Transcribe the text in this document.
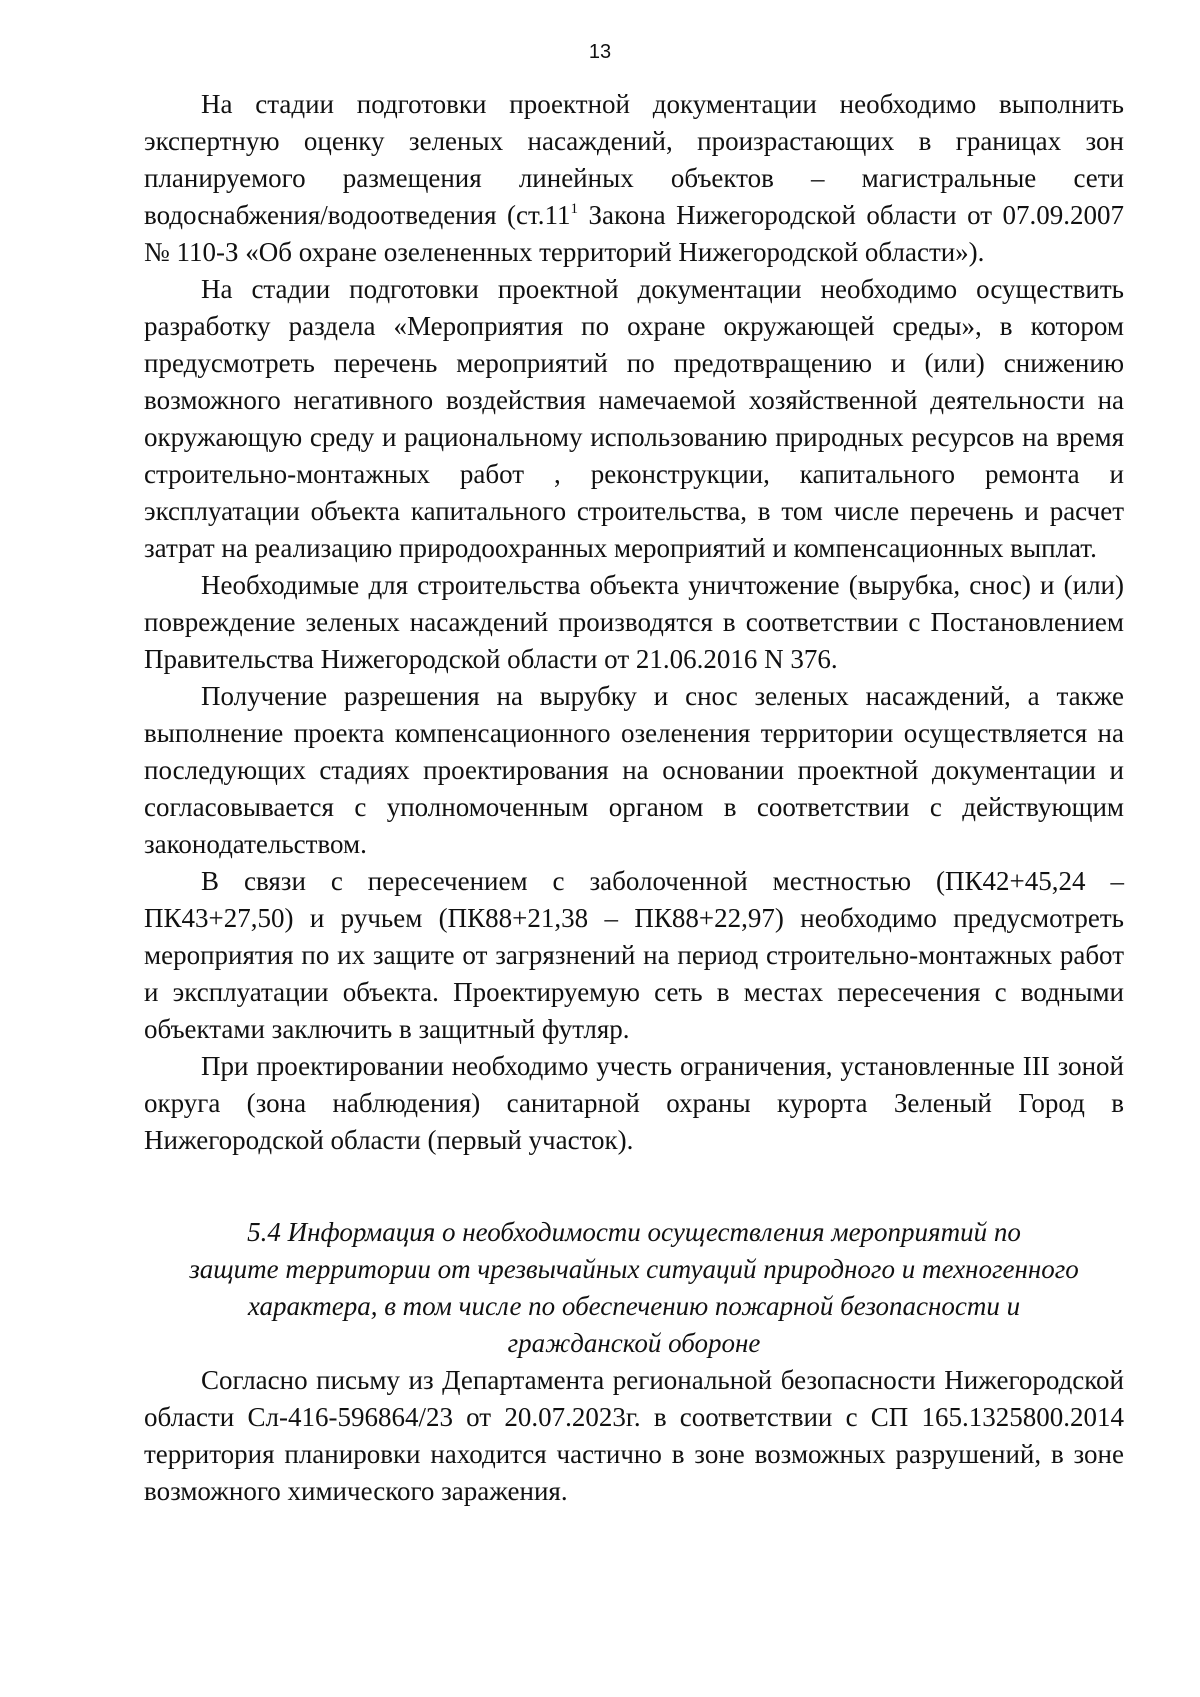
13

На стадии подготовки проектной документации необходимо выполнить экспертную оценку зеленых насаждений, произрастающих в границах зон планируемого размещения линейных объектов – магистральные сети водоснабжения/водоотведения ($ст.11^1$ Закона Нижегородской области от 07.09.2007 № 110-З «Об охране озелененных территорий Нижегородской области»).

На стадии подготовки проектной документации необходимо осуществить разработку раздела «Мероприятия по охране окружающей среды», в котором предусмотреть перечень мероприятий по предотвращению и (или) снижению возможного негативного воздействия намечаемой хозяйственной деятельности на окружающую среду и рациональному использованию природных ресурсов на время строительно-монтажных работ , реконструкции, капитального ремонта и эксплуатации объекта капитального строительства, в том числе перечень и расчет затрат на реализацию природоохранных мероприятий и компенсационных выплат.

Необходимые для строительства объекта уничтожение (вырубка, снос) и (или) повреждение зеленых насаждений производятся в соответствии с Постановлением Правительства Нижегородской области от 21.06.2016 N 376.

Получение разрешения на вырубку и снос зеленых насаждений, а также выполнение проекта компенсационного озеленения территории осуществляется на последующих стадиях проектирования на основании проектной документации и согласовывается с уполномоченным органом в соответствии с действующим законодательством.

В связи с пересечением с заболоченной местностью (ПК42+45,24 – ПК43+27,50) и ручьем (ПК88+21,38 – ПК88+22,97) необходимо предусмотреть мероприятия по их защите от загрязнений на период строительно-монтажных работ и эксплуатации объекта. Проектируемую сеть в местах пересечения с водными объектами заключить в защитный футляр.

При проектировании необходимо учесть ограничения, установленные III зоной округа (зона наблюдения) санитарной охраны курорта Зеленый Город в Нижегородской области (первый участок).

5.4 Информация о необходимости осуществления мероприятий по
защите территории от чрезвычайных ситуаций природного и техногенного
характера, в том числе по обеспечению пожарной безопасности и
гражданской обороне

Согласно письму из Департамента региональной безопасности Нижегородской области Сл-416-596864/23 от 20.07.2023г. в соответствии с СП 165.1325800.2014 территория планировки находится частично в зоне возможных разрушений, в зоне возможного химического заражения.
